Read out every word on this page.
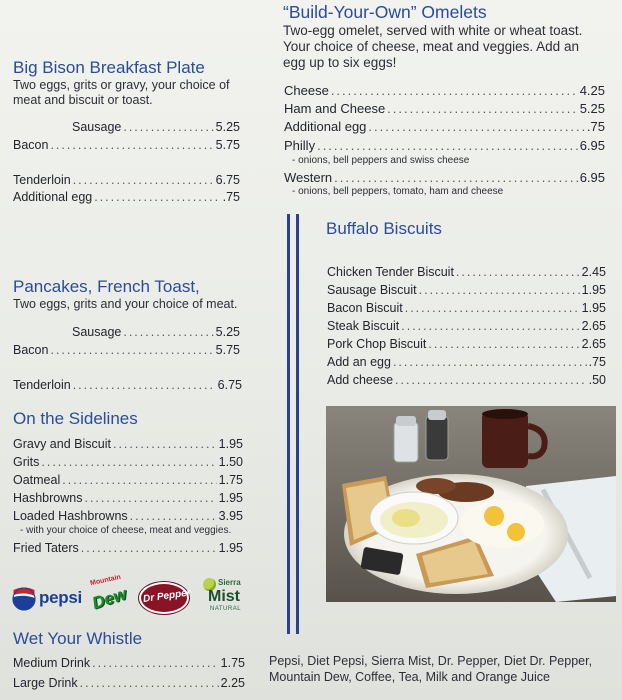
“Build-Your-Own” Omelets
Two-egg omelet, served with white or wheat toast.
Your choice of cheese, meat and veggies. Add an
egg up to six eggs!
Cheese .....	4.25
Ham and Cheese .....	5.25
Additional egg .....	.75
Philly .....	6.95
- onions, bell peppers and swiss cheese
Western .....	6.95
- onions, bell peppers, tomato, ham and cheese
Big Bison Breakfast Plate
Two eggs, grits or gravy, your choice of
meat and biscuit or toast.
Sausage .....	5.25
Bacon .....	5.75
Tenderloin .....	6.75
Additional egg .....	.75
Pancakes, French Toast,
Two eggs, grits and your choice of meat.
Sausage .....	5.25
Bacon .....	5.75
Tenderloin .....	6.75
On the Sidelines
Gravy and Biscuit .....	1.95
Grits .....	1.50
Oatmeal .....	1.75
Hashbrowns .....	1.95
Loaded Hashbrowns .....	3.95
- with your choice of cheese, meat and veggies.
Fried Taters .....	1.95
pepsi
Mountain
Dew Dr Pepper
Sierra
Mist
NATURAL
Wet Your Whistle
Medium Drink .....	1.75
Large Drink .....	2.25
Buffalo Biscuits
Chicken Tender Biscuit .....	2.45
Sausage Biscuit .....	1.95
Bacon Biscuit .....	1.95
Steak Biscuit .....	2.65
Pork Chop Biscuit .....	2.65
Add an egg .....	.75
Add cheese .....	.50
Pepsi, Diet Pepsi, Sierra Mist, Dr. Pepper, Diet Dr. Pepper,
Mountain Dew, Coffee, Tea, Milk and Orange Juice
